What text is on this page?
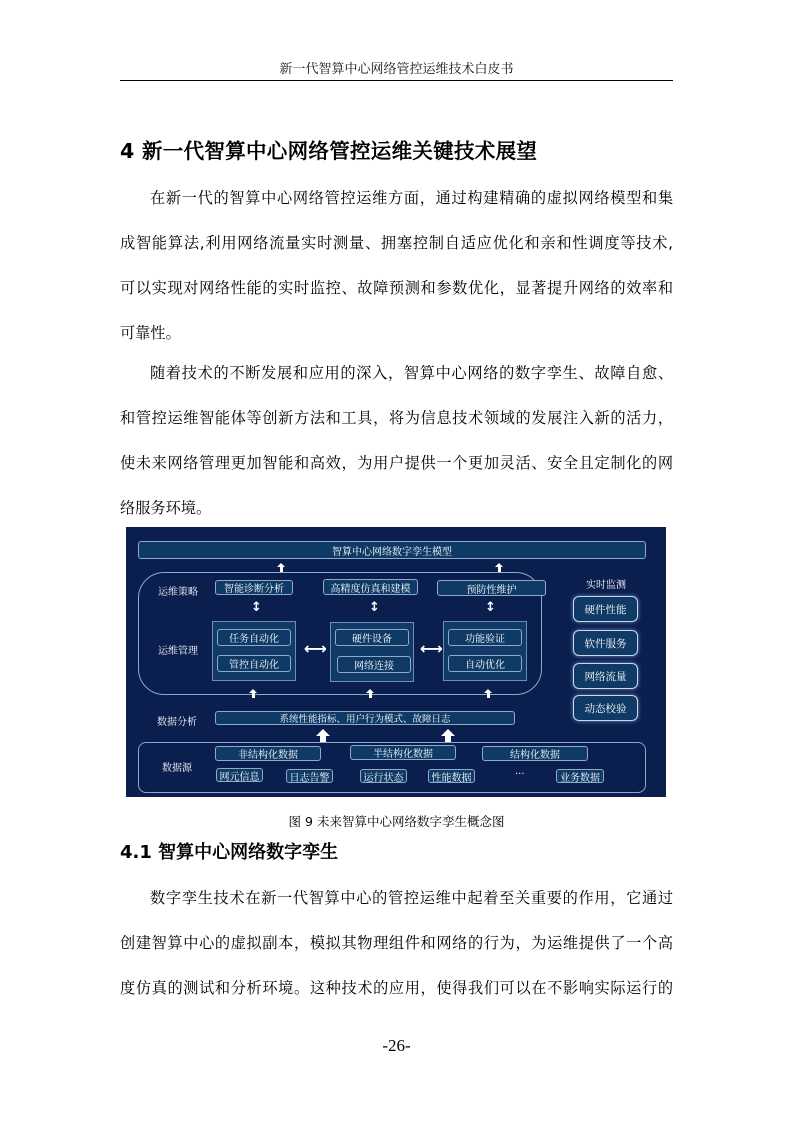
新一代智算中心网络管控运维技术白皮书
4 新一代智算中心网络管控运维关键技术展望
在新一代的智算中心网络管控运维方面，通过构建精确的虚拟网络模型和集
成智能算法,利用网络流量实时测量、拥塞控制自适应优化和亲和性调度等技术,
可以实现对网络性能的实时监控、故障预测和参数优化，显著提升网络的效率和
可靠性。
随着技术的不断发展和应用的深入，智算中心网络的数字孪生、故障自愈、
和管控运维智能体等创新方法和工具，将为信息技术领域的发展注入新的活力，
使未来网络管理更加智能和高效，为用户提供一个更加灵活、安全且定制化的网
络服务环境。
智算中心网络数字孪生模型
运维策略	智能诊断分析	高精度仿真和建模	预防性维护
↕	↕	↕
运维管理
任务自动化
管控自动化
⟷	硬件设备
网络连接
⟷	功能验证
自动优化
实时监测
硬件性能
软件服务
网络流量
动态校验
数据分析	系统性能指标、用户行为模式、故障日志
数据源
非结构化数据	半结构化数据	结构化数据
网元信息	日志告警	运行状态	性能数据	···	业务数据
图 9 未来智算中心网络数字孪生概念图
4.1 智算中心网络数字孪生
数字孪生技术在新一代智算中心的管控运维中起着至关重要的作用，它通过
创建智算中心的虚拟副本，模拟其物理组件和网络的行为，为运维提供了一个高
度仿真的测试和分析环境。这种技术的应用，使得我们可以在不影响实际运行的
-26-
